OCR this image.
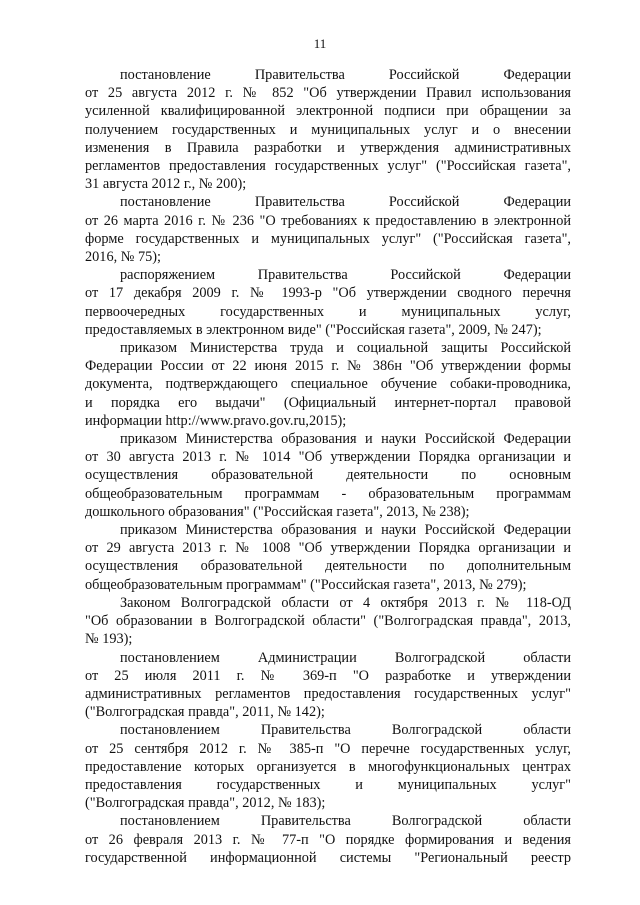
11

постановление Правительства Российской Федерации
от 25 августа 2012 г. № 852 "Об утверждении Правил использования
усиленной квалифицированной электронной подписи при обращении за
получением государственных и муниципальных услуг и о внесении
изменения в Правила разработки и утверждения административных
регламентов предоставления государственных услуг" ("Российская газета",
31 августа 2012 г., № 200);

постановление Правительства Российской Федерации
от 26 марта 2016 г. № 236 "О требованиях к предоставлению в электронной
форме государственных и муниципальных услуг" ("Российская газета",
2016, № 75);

распоряжением Правительства Российской Федерации
от 17 декабря 2009 г. № 1993-р "Об утверждении сводного перечня
первоочередных государственных и муниципальных услуг,
предоставляемых в электронном виде" ("Российская газета", 2009, № 247);

приказом Министерства труда и социальной защиты Российской
Федерации России от 22 июня 2015 г. № 386н "Об утверждении формы
документа, подтверждающего специальное обучение собаки-проводника,
и порядка его выдачи" (Официальный интернет-портал правовой
информации http://www.pravo.gov.ru,2015);

приказом Министерства образования и науки Российской Федерации
от 30 августа 2013 г. № 1014 "Об утверждении Порядка организации и
осуществления образовательной деятельности по основным
общеобразовательным программам - образовательным программам
дошкольного образования" ("Российская газета", 2013, № 238);

приказом Министерства образования и науки Российской Федерации
от 29 августа 2013 г. № 1008 "Об утверждении Порядка организации и
осуществления образовательной деятельности по дополнительным
общеобразовательным программам" ("Российская газета", 2013, № 279);

Законом Волгоградской области от 4 октября 2013 г. № 118-ОД
"Об образовании в Волгоградской области" ("Волгоградская правда", 2013,
№ 193);

постановлением Администрации Волгоградской области
от 25 июля 2011 г. № 369-п "О разработке и утверждении
административных регламентов предоставления государственных услуг"
("Волгоградская правда", 2011, № 142);

постановлением Правительства Волгоградской области
от 25 сентября 2012 г. № 385-п "О перечне государственных услуг,
предоставление которых организуется в многофункциональных центрах
предоставления государственных и муниципальных услуг"
("Волгоградская правда", 2012, № 183);

постановлением Правительства Волгоградской области
от 26 февраля 2013 г. № 77-п "О порядке формирования и ведения
государственной информационной системы "Региональный реестр
